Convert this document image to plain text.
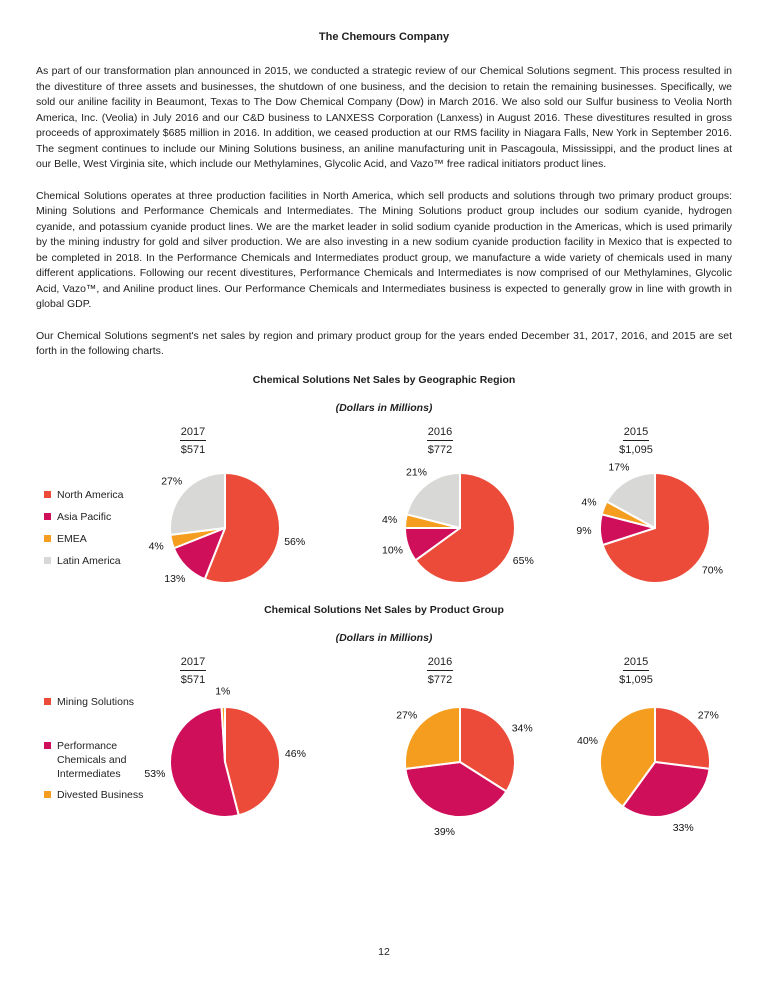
The Chemours Company

As part of our transformation plan announced in 2015, we conducted a strategic review of our Chemical Solutions segment. This process resulted in the divestiture of three assets and businesses, the shutdown of one business, and the decision to retain the remaining businesses. Specifically, we sold our aniline facility in Beaumont, Texas to The Dow Chemical Company (Dow) in March 2016. We also sold our Sulfur business to Veolia North America, Inc. (Veolia) in July 2016 and our C&D business to LANXESS Corporation (Lanxess) in August 2016. These divestitures resulted in gross proceeds of approximately $685 million in 2016. In addition, we ceased production at our RMS facility in Niagara Falls, New York in September 2016. The segment continues to include our Mining Solutions business, an aniline manufacturing unit in Pascagoula, Mississippi, and the product lines at our Belle, West Virginia site, which include our Methylamines, Glycolic Acid, and Vazo™ free radical initiators product lines.

Chemical Solutions operates at three production facilities in North America, which sell products and solutions through two primary product groups: Mining Solutions and Performance Chemicals and Intermediates. The Mining Solutions product group includes our sodium cyanide, hydrogen cyanide, and potassium cyanide product lines. We are the market leader in solid sodium cyanide production in the Americas, which is used primarily by the mining industry for gold and silver production. We are also investing in a new sodium cyanide production facility in Mexico that is expected to be completed in 2018. In the Performance Chemicals and Intermediates product group, we manufacture a wide variety of chemicals used in many different applications. Following our recent divestitures, Performance Chemicals and Intermediates is now comprised of our Methylamines, Glycolic Acid, Vazo™, and Aniline product lines. Our Performance Chemicals and Intermediates business is expected to generally grow in line with growth in global GDP.

Our Chemical Solutions segment's net sales by region and primary product group for the years ended December 31, 2017, 2016, and 2015 are set forth in the following charts.

Chemical Solutions Net Sales by Geographic Region
(Dollars in Millions)
North America
Asia Pacific
EMEA
Latin America
2017
$571
2016
$772
2015
$1,095
56%
13%
4%
27%
65%
10%
4%
21%
70%
9%
4%
17%
Chemical Solutions Net Sales by Product Group
(Dollars in Millions)
Mining Solutions
Performance Chemicals and Intermediates
Divested Business
2017
$571
2016
$772
2015
$1,095
46%
53%
1%
34%
39%
27%	27%
33%
40%
12
